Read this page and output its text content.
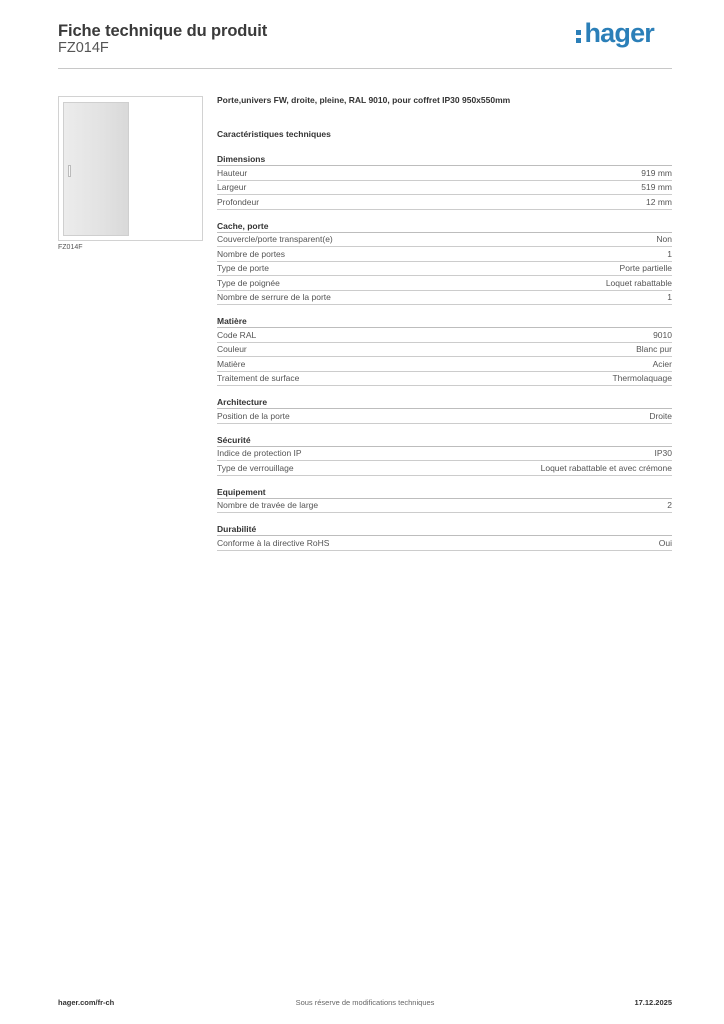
Fiche technique du produit
FZ014F	hager
FZ014F
Porte,univers FW, droite, pleine, RAL 9010, pour coffret IP30 950x550mm
Caractéristiques techniques
Dimensions
Hauteur	919 mm
Largeur	519 mm
Profondeur	12 mm
Cache, porte
Couvercle/porte transparent(e)	Non
Nombre de portes	1
Type de porte	Porte partielle
Type de poignée	Loquet rabattable
Nombre de serrure de la porte	1
Matière
Code RAL	9010
Couleur	Blanc pur
Matière	Acier
Traitement de surface	Thermolaquage
Architecture
Position de la porte	Droite
Sécurité
Indice de protection IP	IP30
Type de verrouillage	Loquet rabattable et avec crémone
Equipement
Nombre de travée de large	2
Durabilité
Conforme à la directive RoHS	Oui
hager.com/fr-ch	Sous réserve de modifications techniques	17.12.2025
